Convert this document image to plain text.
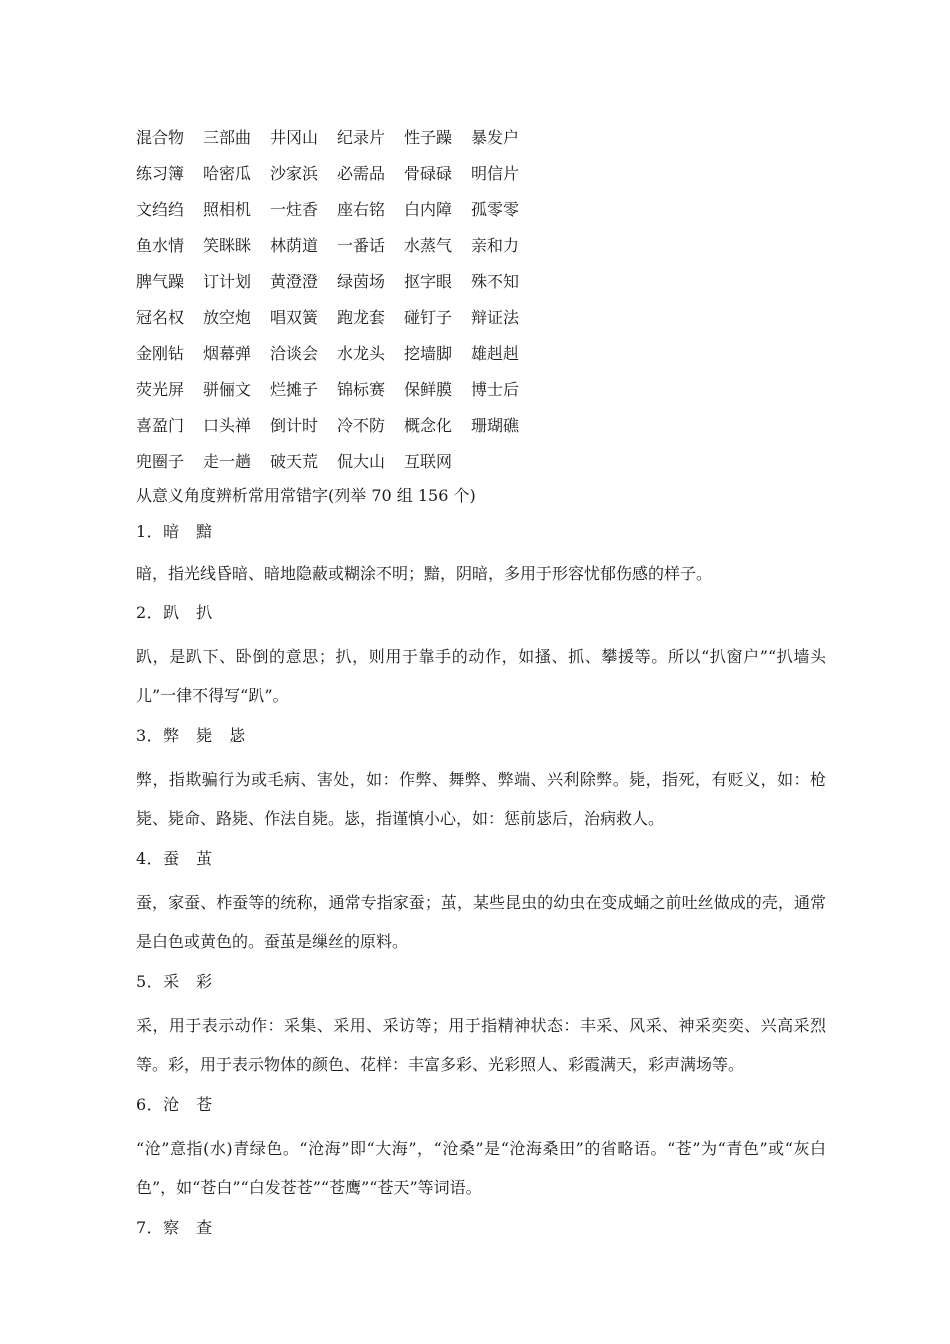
混合物	三部曲	井冈山	纪录片	性子躁	暴发户
练习簿	哈密瓜	沙家浜	必需品	骨碌碌	明信片
文绉绉	照相机	一炷香	座右铭	白内障	孤零零
鱼水情	笑眯眯	林荫道	一番话	水蒸气	亲和力
脾气躁	订计划	黄澄澄	绿茵场	抠字眼	殊不知
冠名权	放空炮	唱双簧	跑龙套	碰钉子	辩证法
金刚钻	烟幕弹	洽谈会	水龙头	挖墙脚	雄赳赳
荧光屏	骈俪文	烂摊子	锦标赛	保鲜膜	博士后
喜盈门	口头禅	倒计时	冷不防	概念化	珊瑚礁
兜圈子	走一趟	破天荒	侃大山	互联网
从意义角度辨析常用常错字(列举 70 组 156 个)
1．暗　黯

暗，指光线昏暗、暗地隐蔽或糊涂不明；黯，阴暗，多用于形容忧郁伤感的样子。

2．趴　扒

趴，是趴下、卧倒的意思；扒，则用于靠手的动作，如搔、抓、攀援等。所以“扒窗户”“扒墙头儿”一律不得写“趴”。

3．弊　毙　毖

弊，指欺骗行为或毛病、害处，如：作弊、舞弊、弊端、兴利除弊。毙，指死，有贬义，如：枪毙、毙命、路毙、作法自毙。毖，指谨慎小心，如：惩前毖后，治病救人。

4．蚕　茧

蚕，家蚕、柞蚕等的统称，通常专指家蚕；茧，某些昆虫的幼虫在变成蛹之前吐丝做成的壳，通常是白色或黄色的。蚕茧是缫丝的原料。

5．采　彩

采，用于表示动作：采集、采用、采访等；用于指精神状态：丰采、风采、神采奕奕、兴高采烈等。彩，用于表示物体的颜色、花样：丰富多彩、光彩照人、彩霞满天，彩声满场等。

6．沧　苍

“沧”意指(水)青绿色。“沧海”即“大海”，“沧桑”是“沧海桑田”的省略语。“苍”为“青色”或“灰白色”，如“苍白”“白发苍苍”“苍鹰”“苍天”等词语。

7．察　查
